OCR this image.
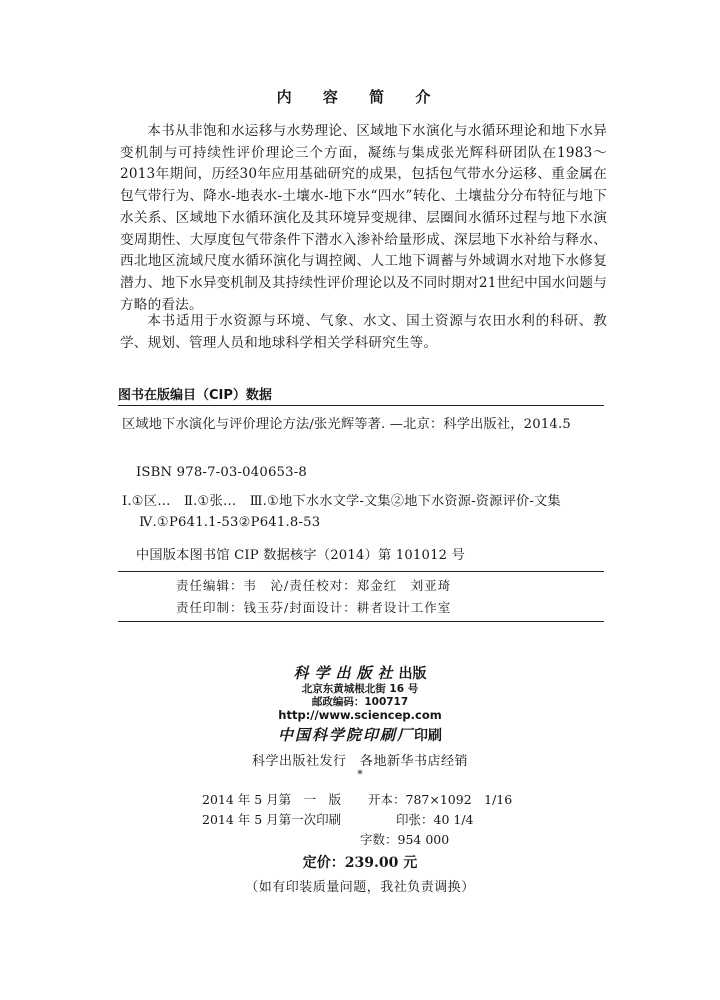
内 容 简 介

本书从非饱和水运移与水势理论、区域地下水演化与水循环理论和地下水异变机制与可持续性评价理论三个方面，凝练与集成张光辉科研团队在1983～2013年期间，历经30年应用基础研究的成果，包括包气带水分运移、重金属在包气带行为、降水-地表水-土壤水-地下水“四水”转化、土壤盐分分布特征与地下水关系、区域地下水循环演化及其环境异变规律、层圈间水循环过程与地下水演变周期性、大厚度包气带条件下潜水入渗补给量形成、深层地下水补给与释水、西北地区流域尺度水循环演化与调控阈、人工地下调蓄与外域调水对地下水修复潜力、地下水异变机制及其持续性评价理论以及不同时期对21世纪中国水问题与方略的看法。

本书适用于水资源与环境、气象、水文、国土资源与农田水利的科研、教学、规划、管理人员和地球科学相关学科研究生等。

图书在版编目（CIP）数据

区域地下水演化与评价理论方法/张光辉等著. —北京：科学出版社，2014.5

ISBN 978-7-03-040653-8

Ⅰ.①区…　Ⅱ.①张…　Ⅲ.①地下水水文学-文集②地下水资源-资源评价-文集　Ⅳ.①P641.1-53②P641.8-53

中国版本图书馆 CIP 数据核字（2014）第 101012 号

责任编辑：韦　沁/责任校对：郑金红　刘亚琦
责任印制：钱玉芬/封面设计：耕者设计工作室
科学出版社出版
北京东黄城根北街 16 号
邮政编码：100717
http://www.sciencep.com
中国科学院印刷厂印刷
科学出版社发行　各地新华书店经销
*
2014 年 5 月第　一　版
2014 年 5 月第一次印刷
开本：787×1092　1/16
印张：40 1/4
字数：954 000
定价：239.00 元
（如有印装质量问题，我社负责调换）
